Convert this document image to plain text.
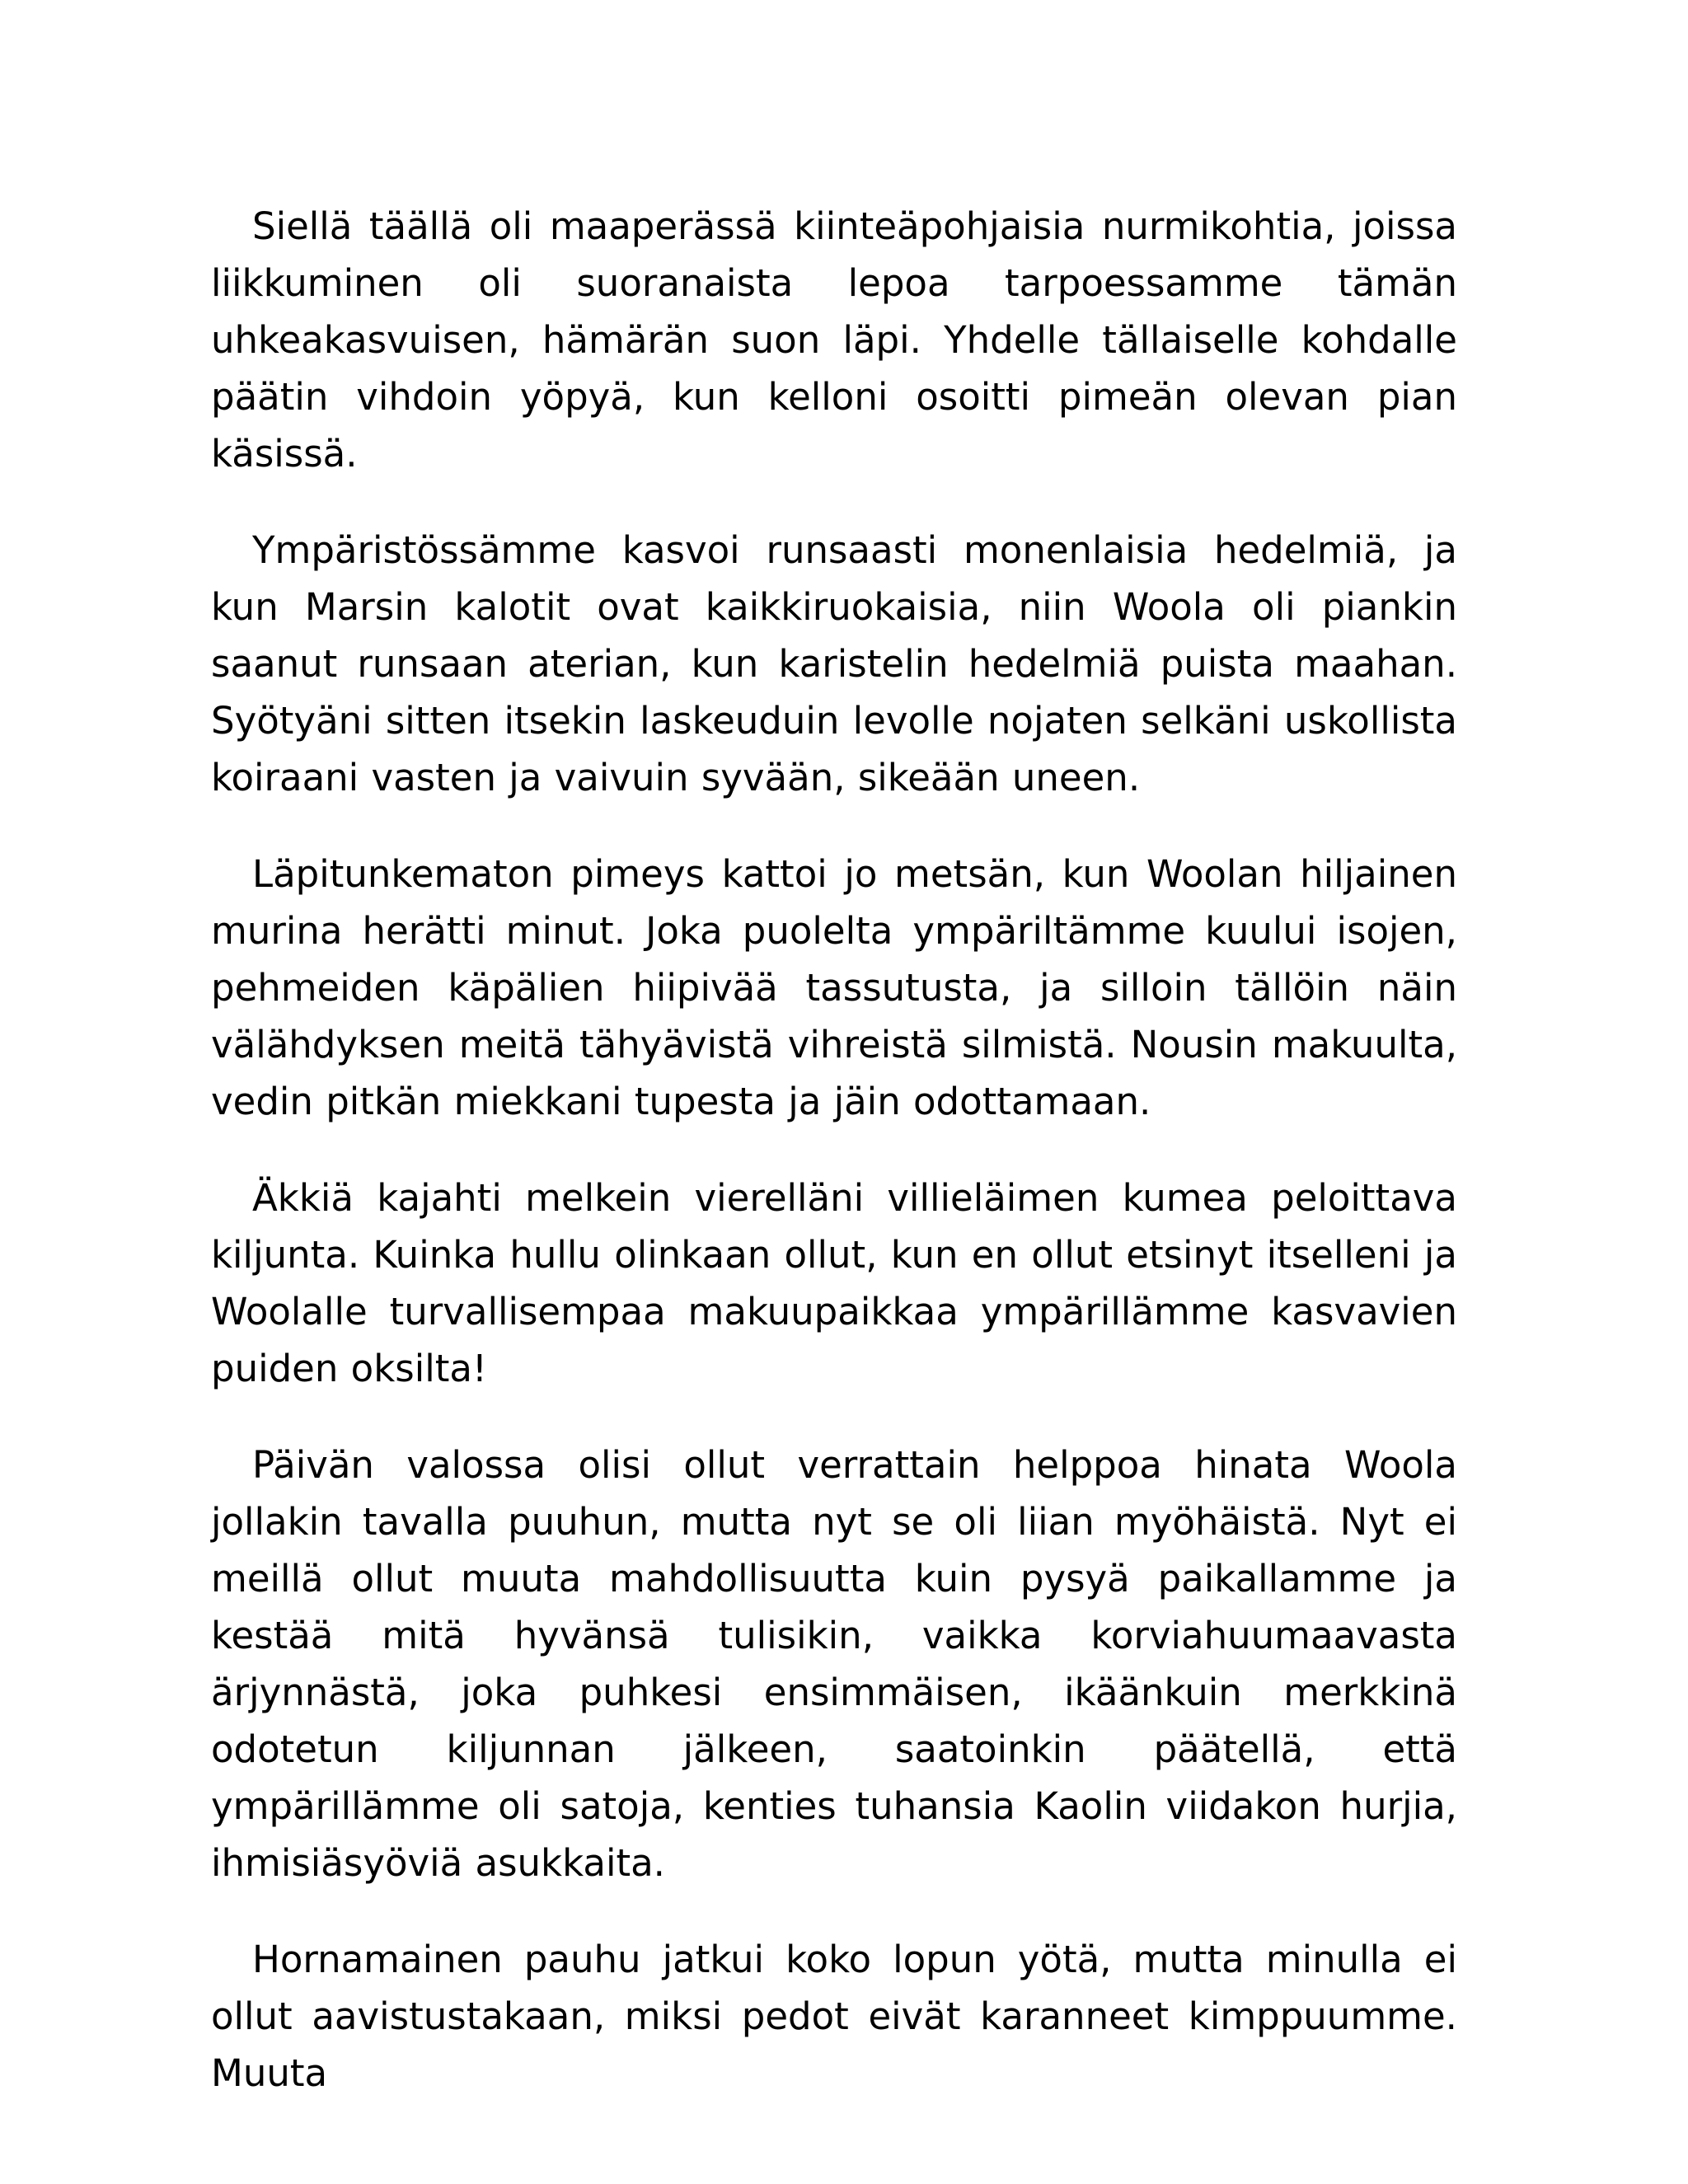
Siellä täällä oli maaperässä kiinteäpohjaisia nurmikohtia, joissa liikkuminen oli suoranaista lepoa tarpoessamme tämän uhkeakasvuisen, hämärän suon läpi. Yhdelle tällaiselle kohdalle päätin vihdoin yöpyä, kun kelloni osoitti pimeän olevan pian käsissä.

Ympäristössämme kasvoi runsaasti monenlaisia hedelmiä, ja kun Marsin kalotit ovat kaikkiruokaisia, niin Woola oli piankin saanut runsaan aterian, kun karistelin hedelmiä puista maahan. Syötyäni sitten itsekin laskeuduin levolle nojaten selkäni uskollista koiraani vasten ja vaivuin syvään, sikeään uneen.

Läpitunkematon pimeys kattoi jo metsän, kun Woolan hiljainen murina herätti minut. Joka puolelta ympäriltämme kuului isojen, pehmeiden käpälien hiipivää tassutusta, ja silloin tällöin näin välähdyksen meitä tähyävistä vihreistä silmistä. Nousin makuulta, vedin pitkän miekkani tupesta ja jäin odottamaan.

Äkkiä kajahti melkein vierelläni villieläimen kumea peloittava kiljunta. Kuinka hullu olinkaan ollut, kun en ollut etsinyt itselleni ja Woolalle turvallisempaa makuupaikkaa ympärillämme kasvavien puiden oksilta!

Päivän valossa olisi ollut verrattain helppoa hinata Woola jollakin tavalla puuhun, mutta nyt se oli liian myöhäistä. Nyt ei meillä ollut muuta mahdollisuutta kuin pysyä paikallamme ja kestää mitä hyvänsä tulisikin, vaikka korviahuumaavasta ärjynnästä, joka puhkesi ensimmäisen, ikäänkuin merkkinä odotetun kiljunnan jälkeen, saatoinkin päätellä, että ympärillämme oli satoja, kenties tuhansia Kaolin viidakon hurjia, ihmisiäsyöviä asukkaita.

Hornamainen pauhu jatkui koko lopun yötä, mutta minulla ei ollut aavistustakaan, miksi pedot eivät karanneet kimppuumme. Muuta
